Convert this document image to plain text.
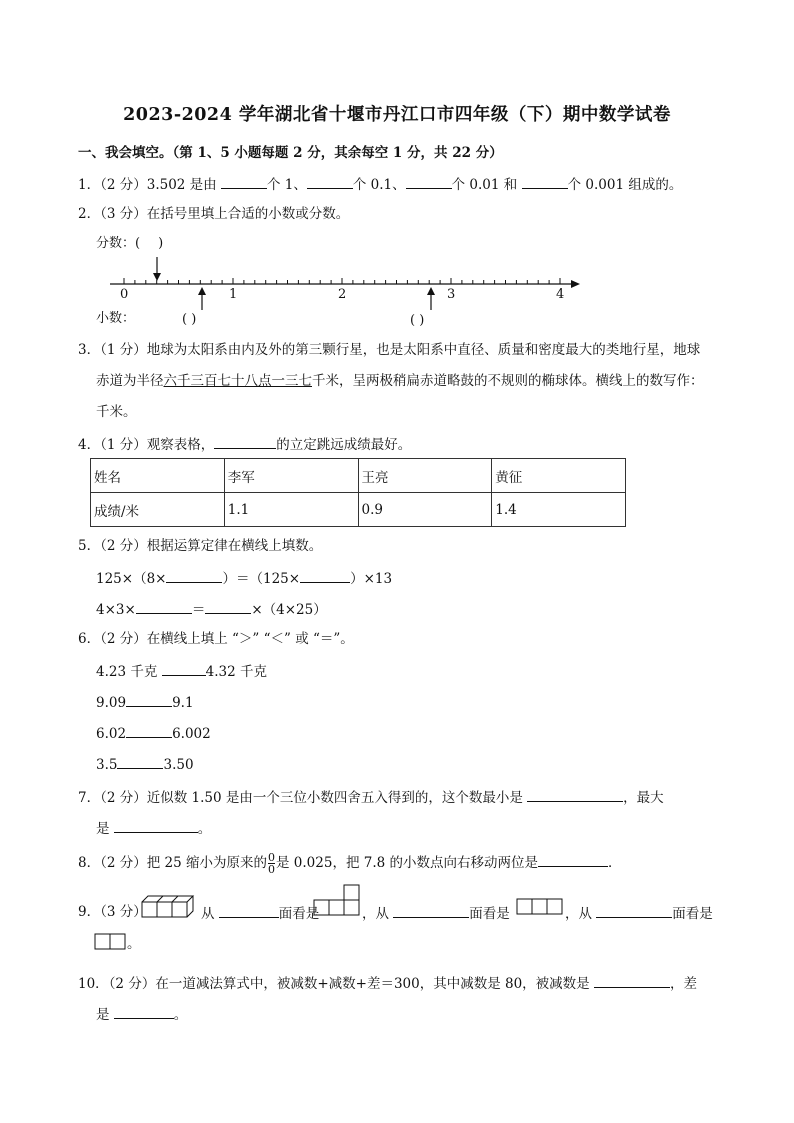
2023-2024 学年湖北省十堰市丹江口市四年级（下）期中数学试卷
一、我会填空。（第 1、5 小题每题 2 分，其余每空 1 分，共 22 分）
1．（2 分）3.502 是由	个 1、	个 0.1、	个 0.01 和	个 0.001 组成的。
2．（3 分）在括号里填上合适的小数或分数。
分数：( )
0	1	2	3	4
小数：	( )	( )
3．（1 分）地球为太阳系由内及外的第三颗行星，也是太阳系中直径、质量和密度最大的类地行星，地球
赤道为半径六千三百七十八点一三七千米，呈两极稍扁赤道略鼓的不规则的椭球体。横线上的数写作：
千米。
4．（1 分）观察表格，	的立定跳远成绩最好。
姓名	李军	王亮	黄征
成绩/米	1.1	0.9	1.4
5．（2 分）根据运算定律在横线上填数。
125×（8×	）＝（125×	）×13
4×3×	＝	×（4×25）
6．（2 分）在横线上填上 “＞” “＜” 或 “＝”。
4.23 千克	4.32 千克
9.09	9.1
6.02	6.002
3.5	3.50
7．（2 分）近似数 1.50 是由一个三位小数四舍五入得到的，这个数最小是	，最大
是	。
8．（2 分）把 25 缩小为原来的 $\frac{0}{0}$ 是 0.025，把 7.8 的小数点向右移动两位是	．
9．（3 分）	从	面看是	，从	面看是	，从	面看是
。
10．（2 分）在一道减法算式中，被减数+减数+差＝300，其中减数是 80，被减数是	，差
是	。
